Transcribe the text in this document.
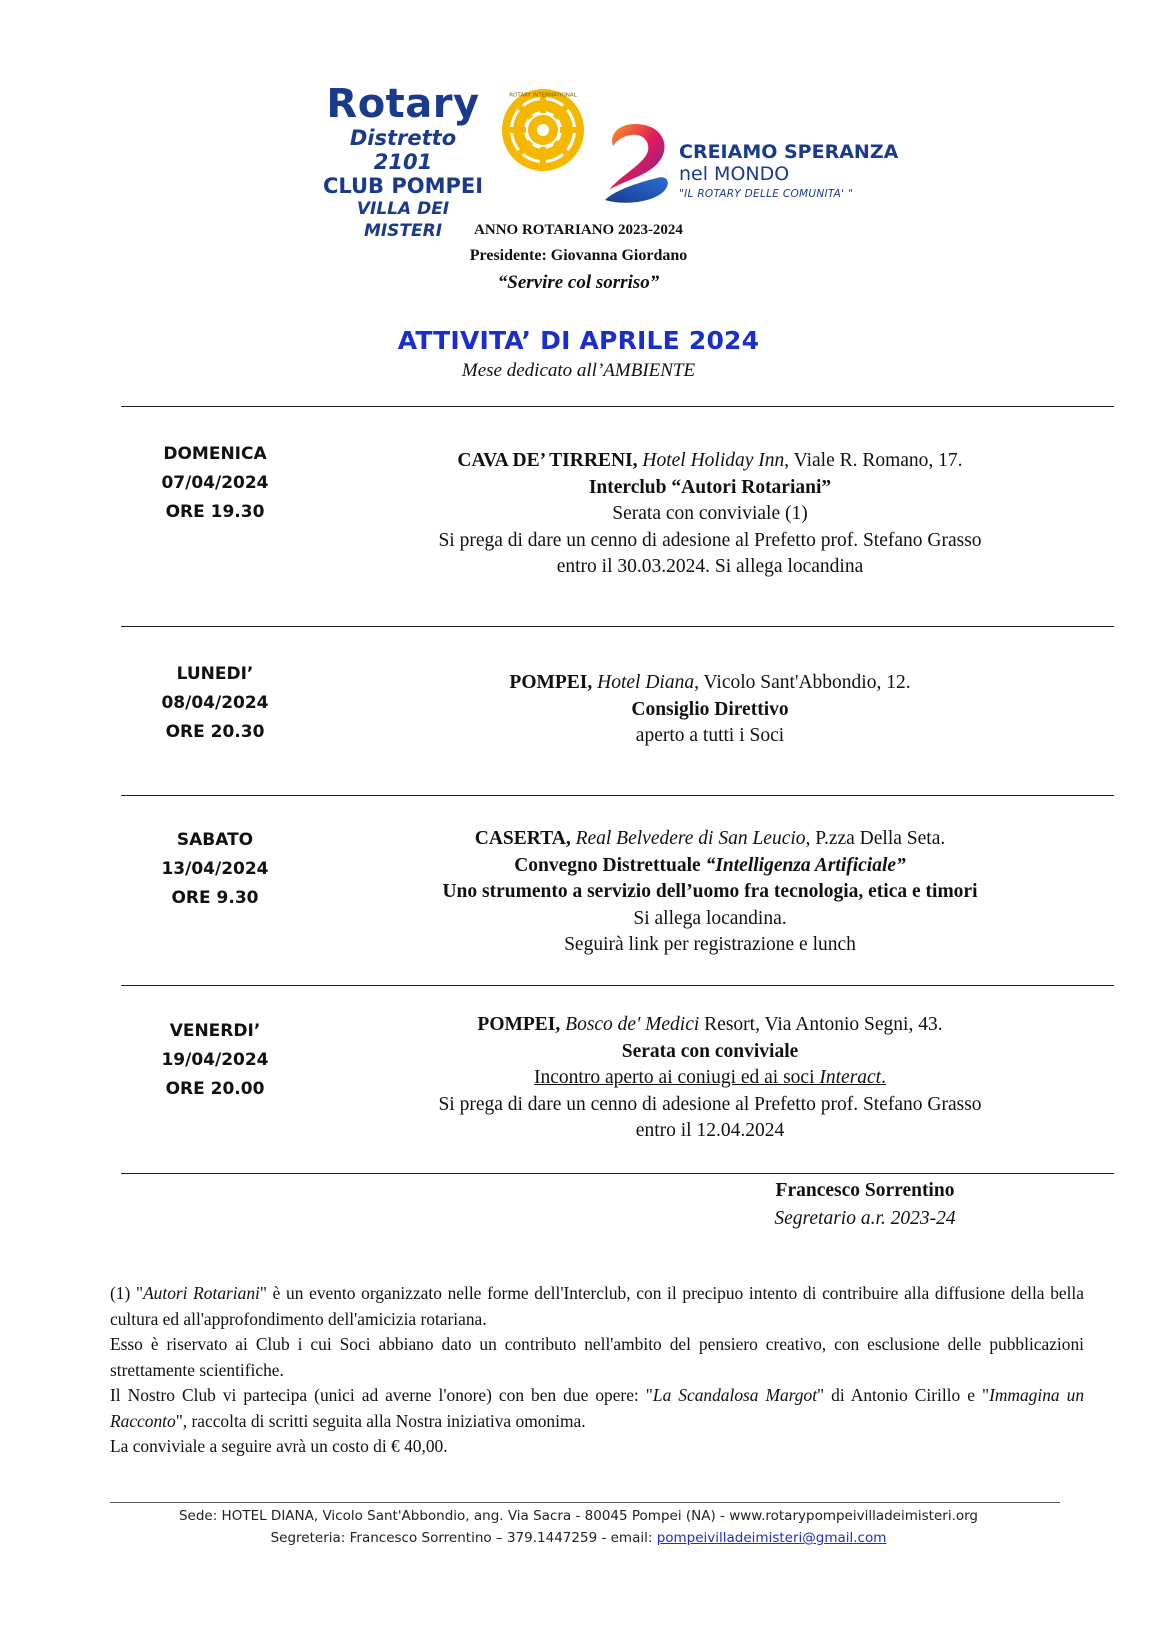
Rotary
Distretto 2101
CLUB POMPEI
VILLA DEI MISTERI
ROTARY INTERNATIONAL
CREIAMO SPERANZA
nel MONDO
"IL ROTARY DELLE COMUNITA' "
ANNO ROTARIANO 2023-2024
Presidente: Giovanna Giordano
“Servire col sorriso”
ATTIVITA’ DI APRILE 2024
Mese dedicato all’AMBIENTE
DOMENICA
07/04/2024
ORE 19.30
CAVA DE’ TIRRENI, Hotel Holiday Inn, Viale R. Romano, 17.
Interclub “Autori Rotariani”
Serata con conviviale (1)
Si prega di dare un cenno di adesione al Prefetto prof. Stefano Grasso
entro il 30.03.2024. Si allega locandina
LUNEDI’
08/04/2024
ORE 20.30
POMPEI, Hotel Diana, Vicolo Sant'Abbondio, 12.
Consiglio Direttivo
aperto a tutti i Soci
SABATO
13/04/2024
ORE 9.30
CASERTA, Real Belvedere di San Leucio, P.zza Della Seta.
Convegno Distrettuale “Intelligenza Artificiale”
Uno strumento a servizio dell’uomo fra tecnologia, etica e timori
Si allega locandina.
Seguirà link per registrazione e lunch
VENERDI’
19/04/2024
ORE 20.00
POMPEI, Bosco de' Medici Resort, Via Antonio Segni, 43.
Serata con conviviale
Incontro aperto ai coniugi ed ai soci Interact.
Si prega di dare un cenno di adesione al Prefetto prof. Stefano Grasso
entro il 12.04.2024
Francesco Sorrentino
Segretario a.r. 2023-24

(1) "Autori Rotariani" è un evento organizzato nelle forme dell'Interclub, con il precipuo intento di contribuire alla diffusione della bella cultura ed all'approfondimento dell'amicizia rotariana.

Esso è riservato ai Club i cui Soci abbiano dato un contributo nell'ambito del pensiero creativo, con esclusione delle pubblicazioni strettamente scientifiche.

Il Nostro Club vi partecipa (unici ad averne l'onore) con ben due opere: "La Scandalosa Margot" di Antonio Cirillo e "Immagina un Racconto", raccolta di scritti seguita alla Nostra iniziativa omonima.

La conviviale a seguire avrà un costo di € 40,00.

Sede: HOTEL DIANA, Vicolo Sant'Abbondio, ang. Via Sacra - 80045 Pompei (NA) - www.rotarypompeivilladeimisteri.org
Segreteria: Francesco Sorrentino – 379.1447259 - email: pompeivilladeimisteri@gmail.com
